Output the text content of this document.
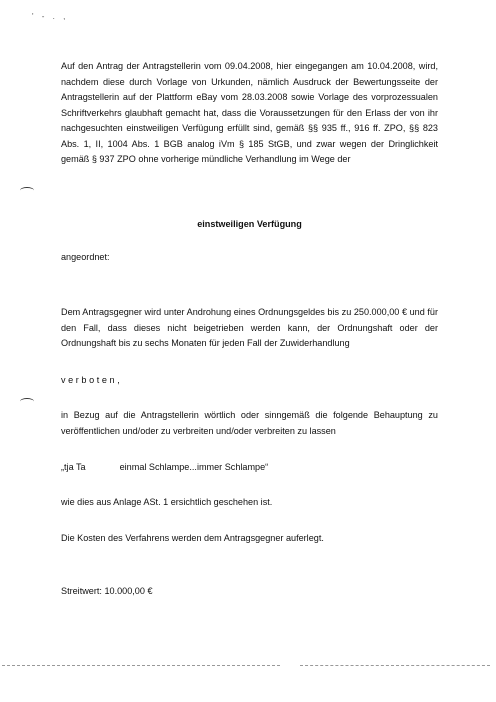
' - . ,
Auf den Antrag der Antragstellerin vom 09.04.2008, hier eingegangen am 10.04.2008, wird, nachdem diese durch Vorlage von Urkunden, nämlich Ausdruck der Bewertungsseite der Antragstellerin auf der Plattform eBay vom 28.03.2008 sowie Vorlage des vorprozessualen Schriftverkehrs glaubhaft gemacht hat, dass die Voraussetzungen für den Erlass der von ihr nachgesuchten einstweiligen Verfügung erfüllt sind, gemäß §§ 935 ff., 916 ff. ZPO, §§ 823 Abs. 1, II, 1004 Abs. 1 BGB analog iVm § 185 StGB, und zwar wegen der Dringlichkeit gemäß § 937 ZPO ohne vorherige mündliche Verhandlung im Wege der
einstweiligen Verfügung
angeordnet:
Dem Antragsgegner wird unter Androhung eines Ordnungsgeldes bis zu 250.000,00 € und für den Fall, dass dieses nicht beigetrieben werden kann, der Ordnungshaft oder der Ordnungshaft bis zu sechs Monaten für jeden Fall der Zuwiderhandlung
verboten,
in Bezug auf die Antragstellerin wörtlich oder sinngemäß die folgende Behauptung zu veröffentlichen und/oder zu verbreiten und/oder verbreiten zu lassen
„tja Ta	einmal Schlampe...immer Schlampe“
wie dies aus Anlage ASt. 1 ersichtlich geschehen ist.
Die Kosten des Verfahrens werden dem Antragsgegner auferlegt.
Streitwert: 10.000,00 €
